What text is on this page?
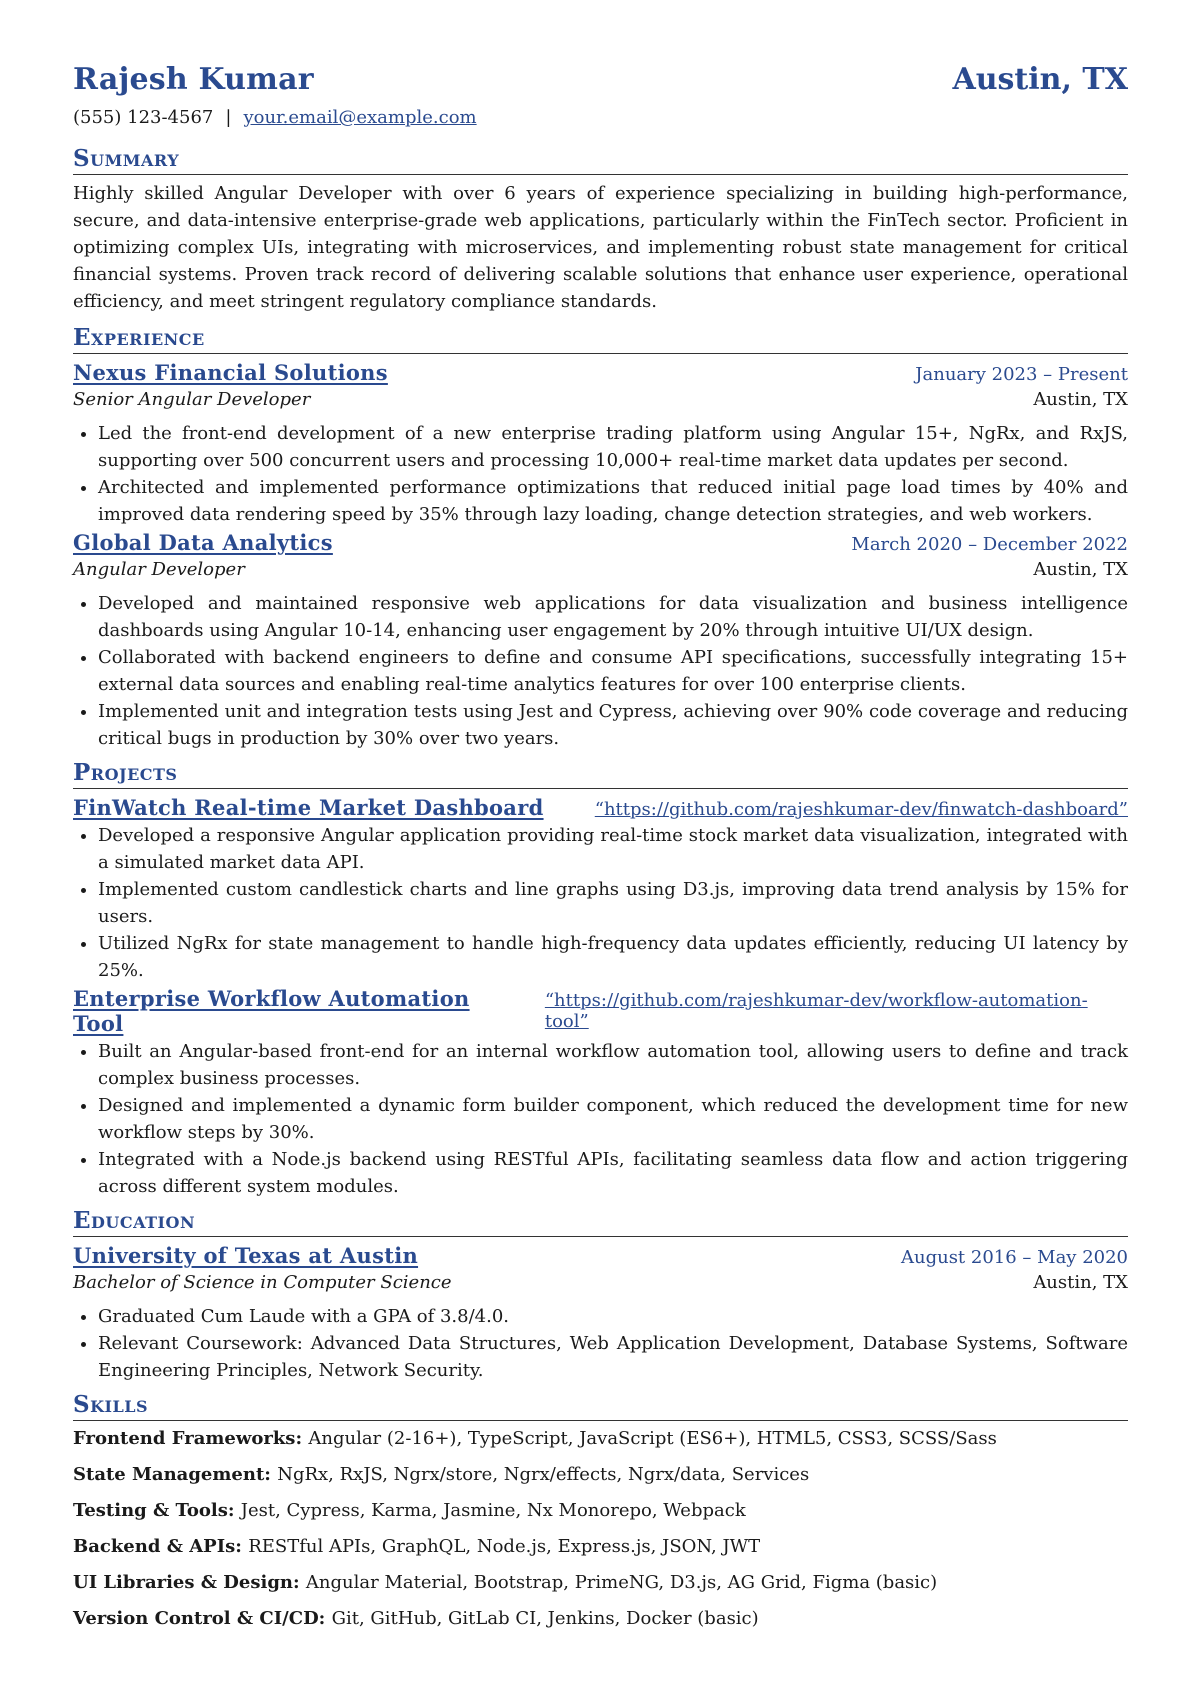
Rajesh Kumar	Austin, TX
(555) 123-4567 | your.email@example.com
Summary
Highly skilled Angular Developer with over 6 years of experience specializing in building high-performance, secure, and data-intensive enterprise-grade web applications, particularly within the FinTech sector. Proficient in optimizing complex UIs, integrating with microservices, and implementing robust state management for critical financial systems. Proven track record of delivering scalable solutions that enhance user experience, operational efficiency, and meet stringent regulatory compliance standards.
Experience
Nexus Financial Solutions	January 2023 – Present
Senior Angular Developer	Austin, TX
• Led the front-end development of a new enterprise trading platform using Angular 15+, NgRx, and RxJS, supporting over 500 concurrent users and processing 10,000+ real-time market data updates per second.
• Architected and implemented performance optimizations that reduced initial page load times by 40% and improved data rendering speed by 35% through lazy loading, change detection strategies, and web workers.
Global Data Analytics	March 2020 – December 2022
Angular Developer	Austin, TX
• Developed and maintained responsive web applications for data visualization and business intelligence dashboards using Angular 10-14, enhancing user engagement by 20% through intuitive UI/UX design.
• Collaborated with backend engineers to define and consume API specifications, successfully integrating 15+ external data sources and enabling real-time analytics features for over 100 enterprise clients.
• Implemented unit and integration tests using Jest and Cypress, achieving over 90% code coverage and reducing critical bugs in production by 30% over two years.
Projects
FinWatch Real-time Market Dashboard	“https://github.com/rajeshkumar-dev/finwatch-dashboard”
• Developed a responsive Angular application providing real-time stock market data visualization, integrated with a simulated market data API.
• Implemented custom candlestick charts and line graphs using D3.js, improving data trend analysis by 15% for users.
• Utilized NgRx for state management to handle high-frequency data updates efficiently, reducing UI latency by 25%.
Enterprise Workflow Automation Tool
“https://github.com/rajeshkumar-dev/workflow-automation-tool”
• Built an Angular-based front-end for an internal workflow automation tool, allowing users to define and track complex business processes.
• Designed and implemented a dynamic form builder component, which reduced the development time for new workflow steps by 30%.
• Integrated with a Node.js backend using RESTful APIs, facilitating seamless data flow and action triggering across different system modules.
Education
University of Texas at Austin	August 2016 – May 2020
Bachelor of Science in Computer Science	Austin, TX
• Graduated Cum Laude with a GPA of 3.8/4.0.
• Relevant Coursework: Advanced Data Structures, Web Application Development, Database Systems, Software Engineering Principles, Network Security.
Skills
Frontend Frameworks: Angular (2-16+), TypeScript, JavaScript (ES6+), HTML5, CSS3, SCSS/Sass
State Management: NgRx, RxJS, Ngrx/store, Ngrx/effects, Ngrx/data, Services
Testing & Tools: Jest, Cypress, Karma, Jasmine, Nx Monorepo, Webpack
Backend & APIs: RESTful APIs, GraphQL, Node.js, Express.js, JSON, JWT
UI Libraries & Design: Angular Material, Bootstrap, PrimeNG, D3.js, AG Grid, Figma (basic)
Version Control & CI/CD: Git, GitHub, GitLab CI, Jenkins, Docker (basic)
